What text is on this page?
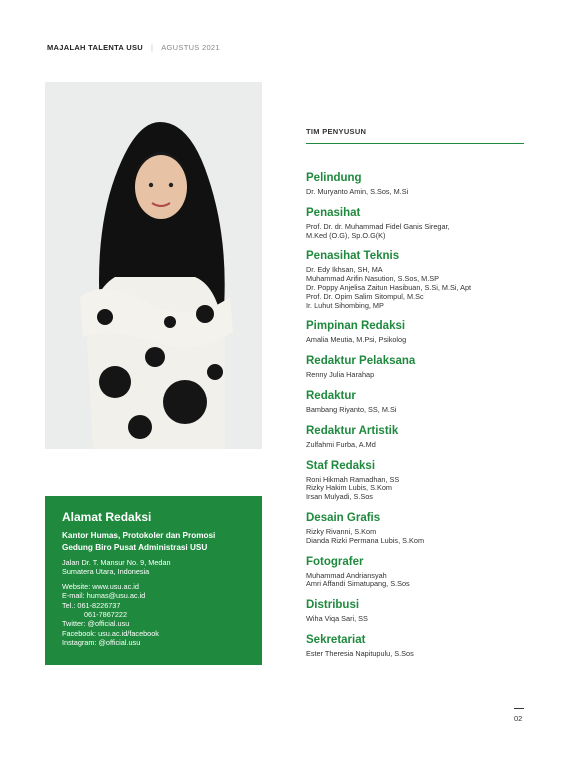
MAJALAH TALENTA USU | AGUSTUS 2021
Alamat Redaksi
Kantor Humas, Protokoler dan Promosi
Gedung Biro Pusat Administrasi USU
Jalan Dr. T. Mansur No. 9, Medan
Sumatera Utara, Indonesia
Website: www.usu.ac.id
E-mail: humas@usu.ac.id
Tel.: 061-8226737
061-7867222
Twitter: @official.usu
Facebook: usu.ac.id/facebook
Instagram: @official.usu
TIM PENYUSUN
Pelindung
Dr. Muryanto Amin, S.Sos, M.Si
Penasihat
Prof. Dr. dr. Muhammad Fidel Ganis Siregar,
M.Ked (O.G), Sp.O.G(K)
Penasihat Teknis
Dr. Edy Ikhsan, SH, MA
Muhammad Arifin Nasution, S.Sos, M.SP
Dr. Poppy Anjelisa Zaitun Hasibuan, S.Si, M.Si, Apt
Prof. Dr. Opim Salim Sitompul, M.Sc
Ir. Luhut Sihombing, MP
Pimpinan Redaksi
Amalia Meutia, M.Psi, Psikolog
Redaktur Pelaksana
Renny Julia Harahap
Redaktur
Bambang Riyanto, SS, M.Si
Redaktur Artistik
Zulfahmi Furba, A.Md
Staf Redaksi
Roni Hikmah Ramadhan, SS
Rizky Hakim Lubis, S.Kom
Irsan Mulyadi, S.Sos
Desain Grafis
Rizky Rivanni, S.Kom
Dianda Rizki Permana Lubis, S.Kom
Fotografer
Muhammad Andriansyah
Amri Affandi Simatupang, S.Sos
Distribusi
Wiha Viqa Sari, SS
Sekretariat
Ester Theresia Napitupulu, S.Sos
02
